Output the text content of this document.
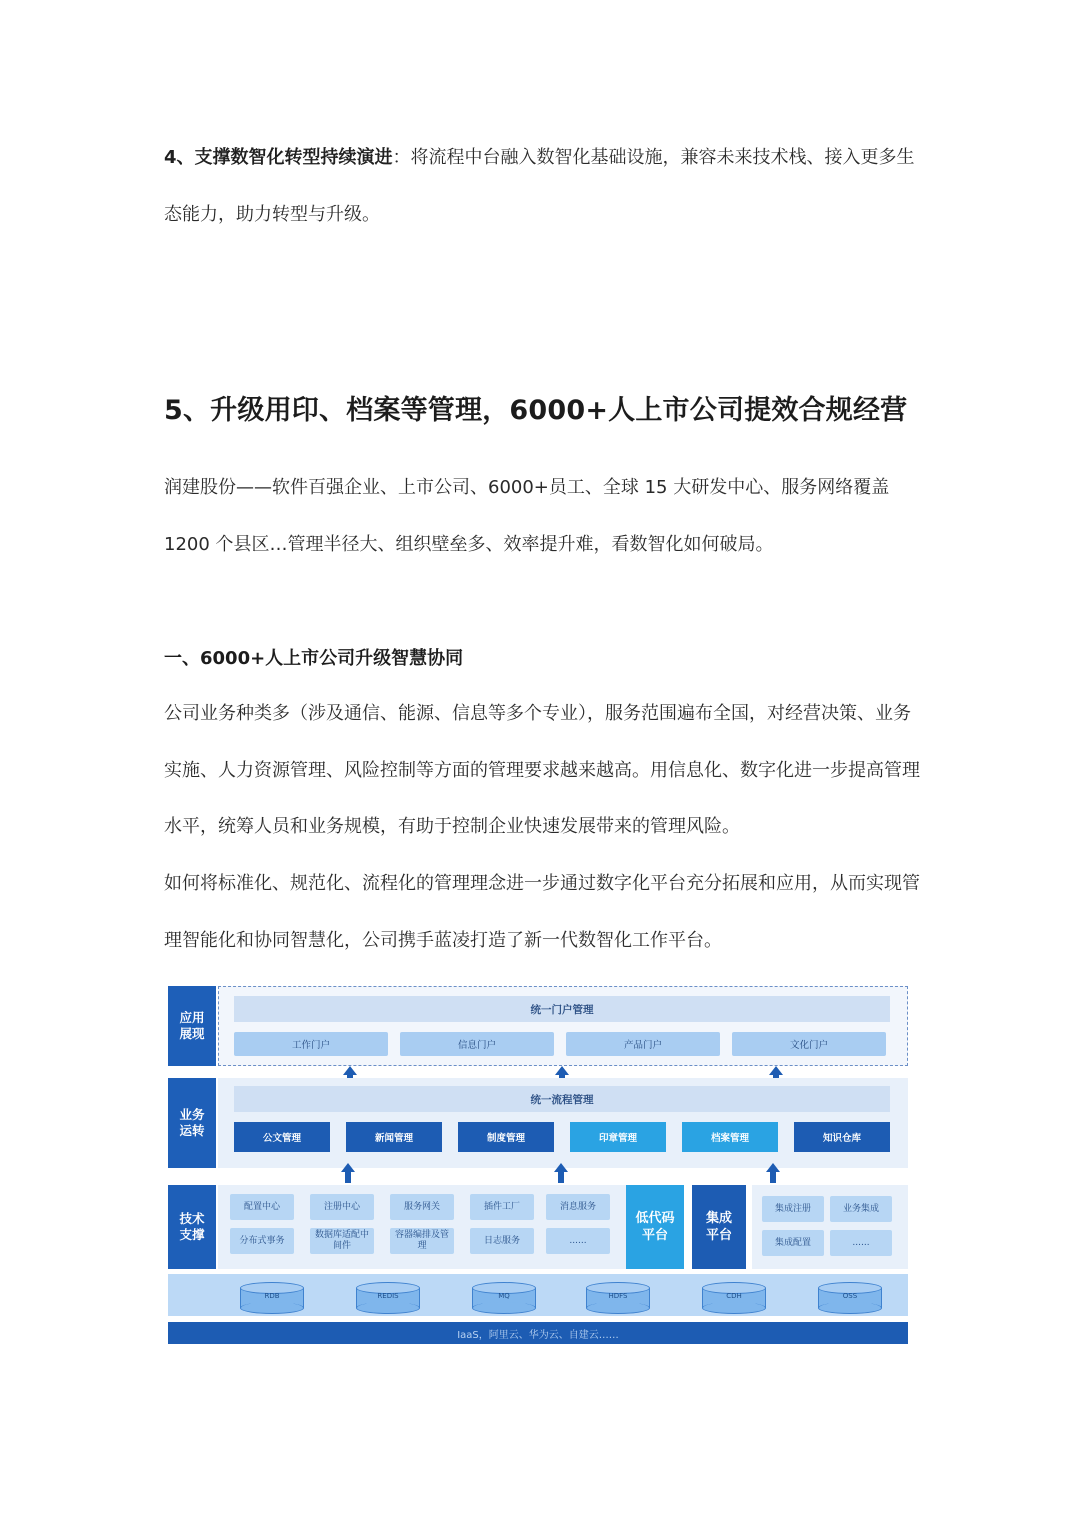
4、支撑数智化转型持续演进：将流程中台融入数智化基础设施，兼容未来技术栈、接入更多生态能力，助力转型与升级。

5、升级用印、档案等管理，6000+人上市公司提效合规经营

润建股份——软件百强企业、上市公司、6000+员工、全球 15 大研发中心、服务网络覆盖 1200 个县区…管理半径大、组织壁垒多、效率提升难，看数智化如何破局。

一、6000+人上市公司升级智慧协同

公司业务种类多（涉及通信、能源、信息等多个专业），服务范围遍布全国，对经营决策、业务实施、人力资源管理、风险控制等方面的管理要求越来越高。用信息化、数字化进一步提高管理水平，统筹人员和业务规模，有助于控制企业快速发展带来的管理风险。

如何将标准化、规范化、流程化的管理理念进一步通过数字化平台充分拓展和应用，从而实现管理智能化和协同智慧化，公司携手蓝凌打造了新一代数智化工作平台。

应用展现
统一门户管理
工作门户	信息门户	产品门户	文化门户
业务运转
统一流程管理
公文管理	新闻管理	制度管理	印章管理	档案管理	知识仓库
技术支撑
配置中心	注册中心	服务网关	插件工厂	消息服务
分布式事务
数据库适配中间件
容器编排及管理
日志服务	......
低代码平台
集成平台
集成注册	业务集成
集成配置	......
RDB	REDIS	MQ	HDFS	CDH	OSS
IaaS，阿里云、华为云、自建云……
